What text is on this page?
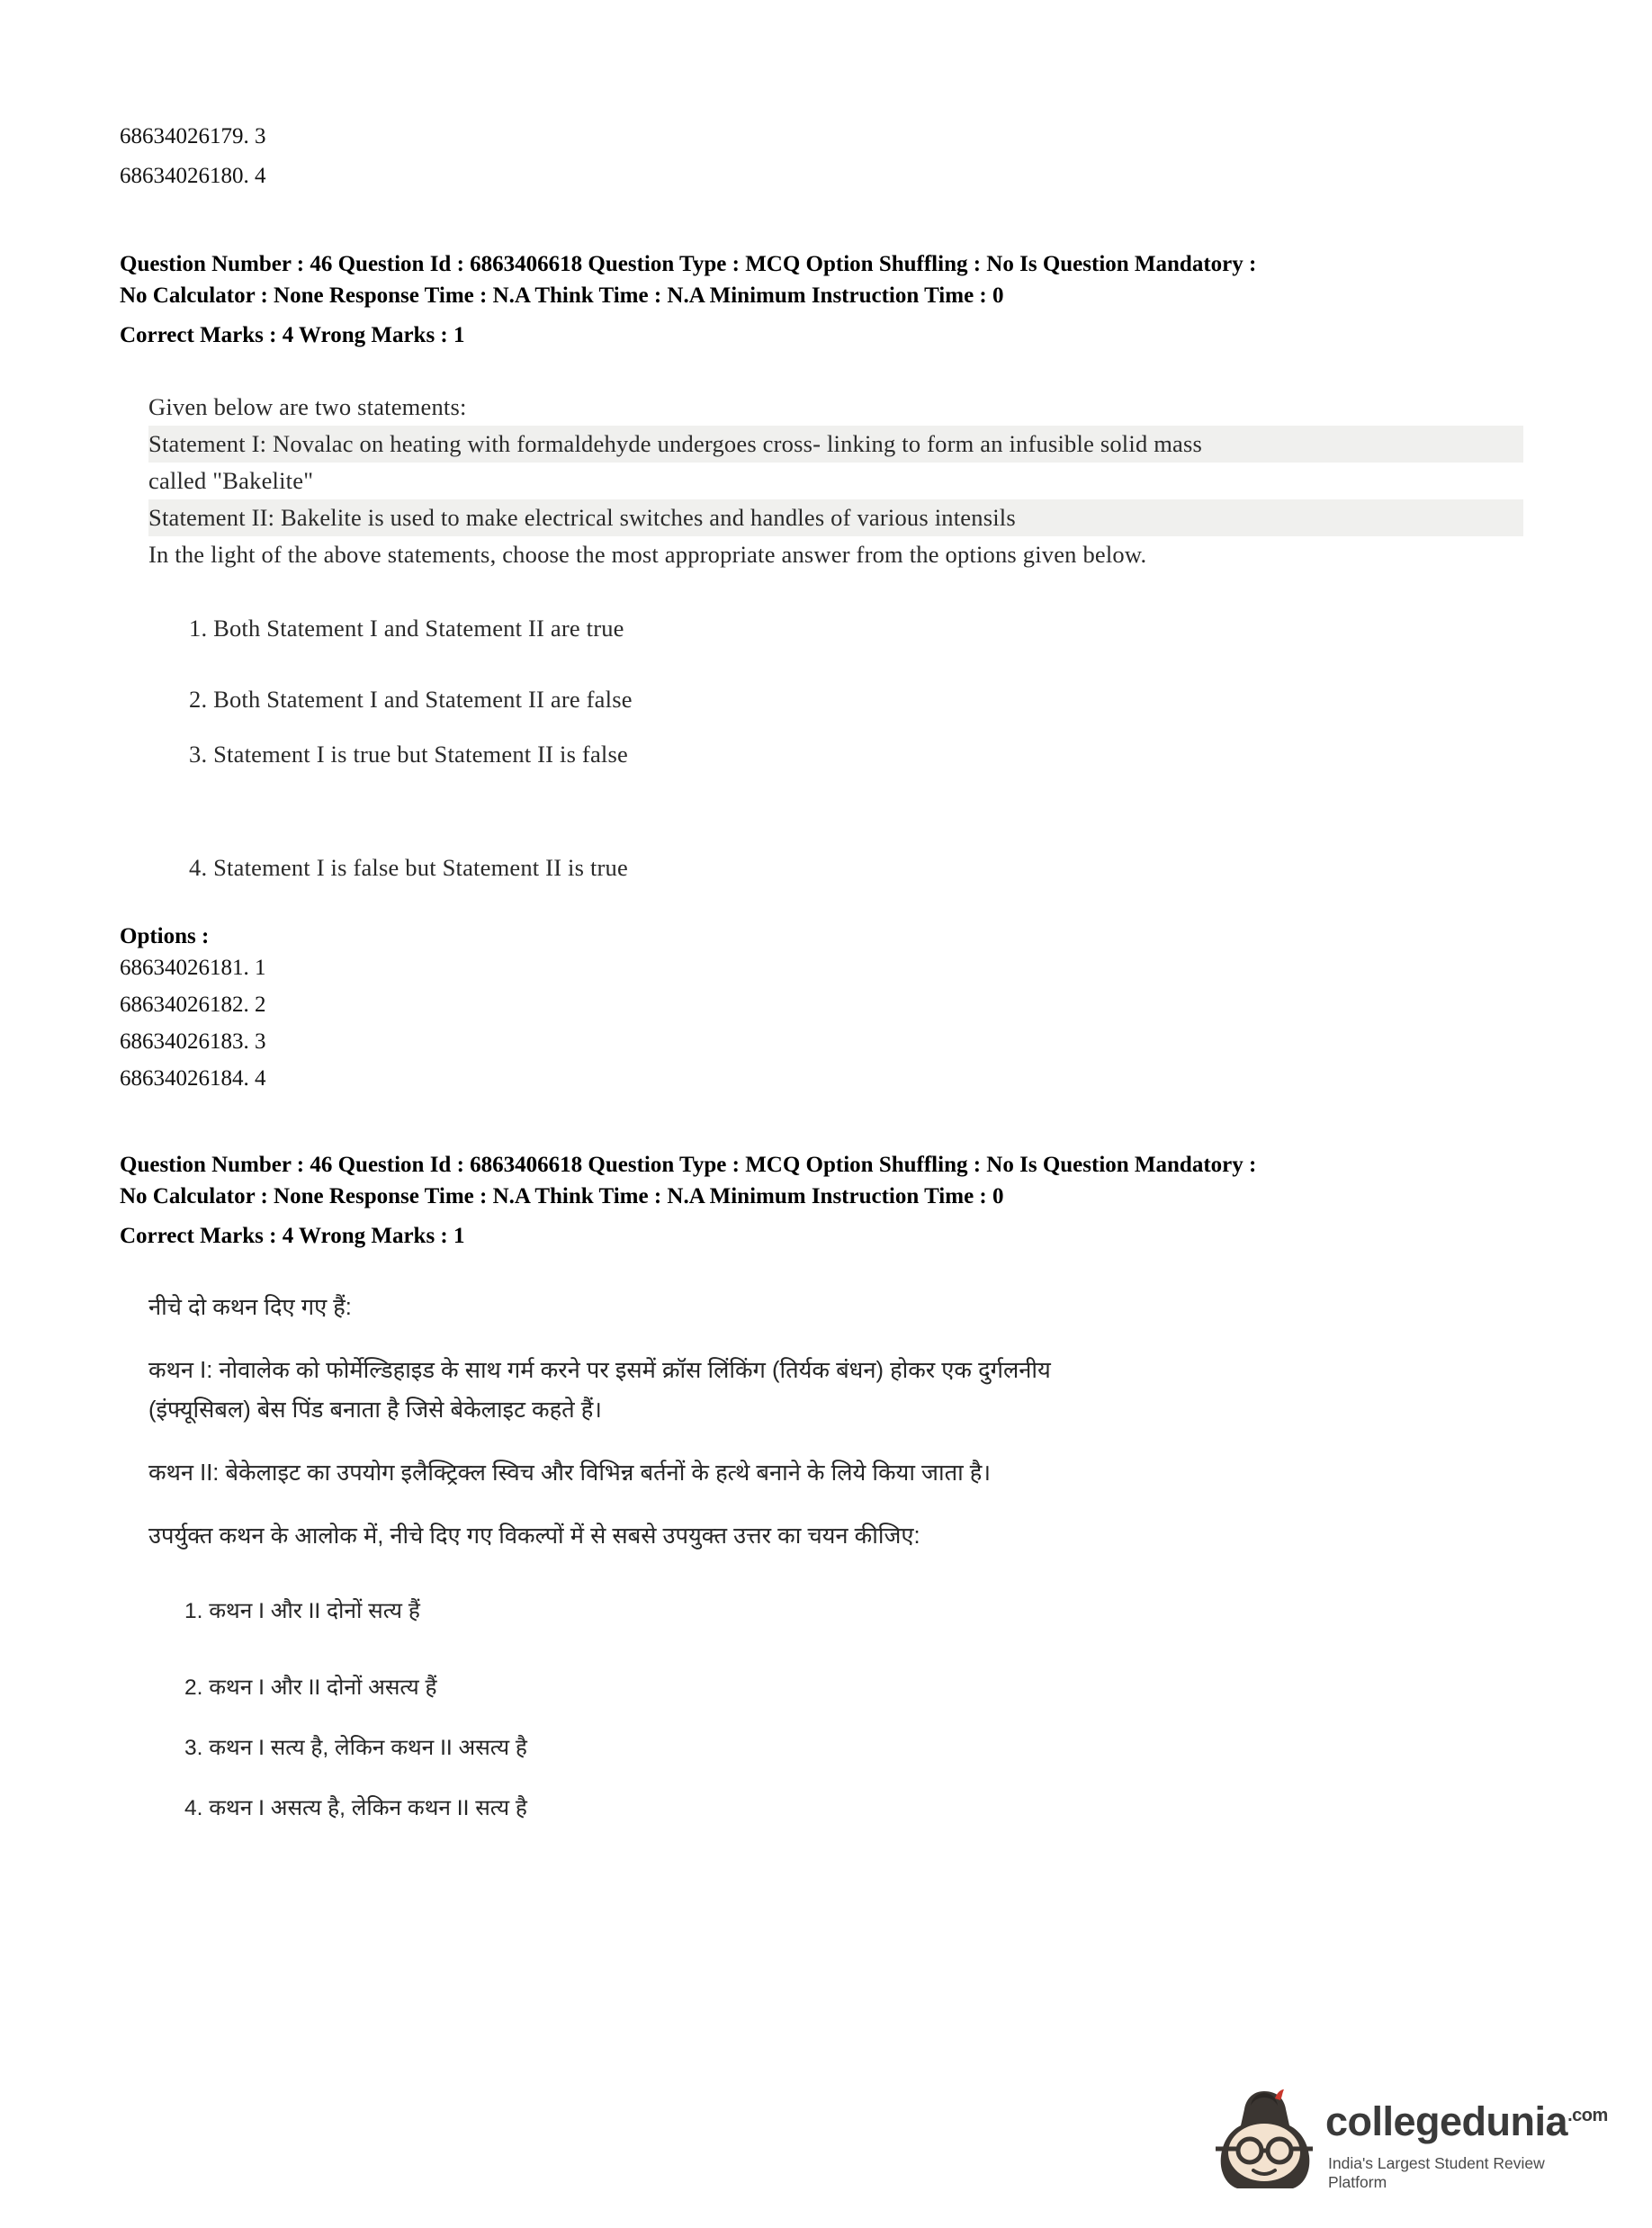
68634026179. 3
68634026180. 4
Question Number : 46 Question Id : 6863406618 Question Type : MCQ Option Shuffling : No Is Question Mandatory :
No Calculator : None Response Time : N.A Think Time : N.A Minimum Instruction Time : 0
Correct Marks : 4 Wrong Marks : 1
Given below are two statements:
Statement I: Novalac on heating with formaldehyde undergoes cross- linking to form an infusible solid mass
called "Bakelite"
Statement II: Bakelite is used to make electrical switches and handles of various intensils
In the light of the above statements, choose the most appropriate answer from the options given below.
1. Both Statement I and Statement II are true
2. Both Statement I and Statement II are false
3. Statement I is true but Statement II is false
4. Statement I is false but Statement II is true
Options :
68634026181. 1
68634026182. 2
68634026183. 3
68634026184. 4
Question Number : 46 Question Id : 6863406618 Question Type : MCQ Option Shuffling : No Is Question Mandatory :
No Calculator : None Response Time : N.A Think Time : N.A Minimum Instruction Time : 0
Correct Marks : 4 Wrong Marks : 1
नीचे दो कथन दिए गए हैं:
कथन I: नोवालेक को फोर्मेल्डिहाइड के साथ गर्म करने पर इसमें क्रॉस लिंकिंग (तिर्यक बंधन) होकर एक दुर्गलनीय
(इंफ्यूसिबल) बेस पिंड बनाता है जिसे बेकेलाइट कहते हैं।
कथन II: बेकेलाइट का उपयोग इलैक्ट्रिक्ल स्विच और विभिन्न बर्तनों के हत्थे बनाने के लिये किया जाता है।
उपर्युक्त कथन के आलोक में, नीचे दिए गए विकल्पों में से सबसे उपयुक्त उत्तर का चयन कीजिए:
1. कथन I और II दोनों सत्य हैं
2. कथन I और II दोनों असत्य हैं
3. कथन I सत्य है, लेकिन कथन II असत्य है
4. कथन I असत्य है, लेकिन कथन II सत्य है
collegedunia$^{.com}$
India's Largest Student Review Platform
